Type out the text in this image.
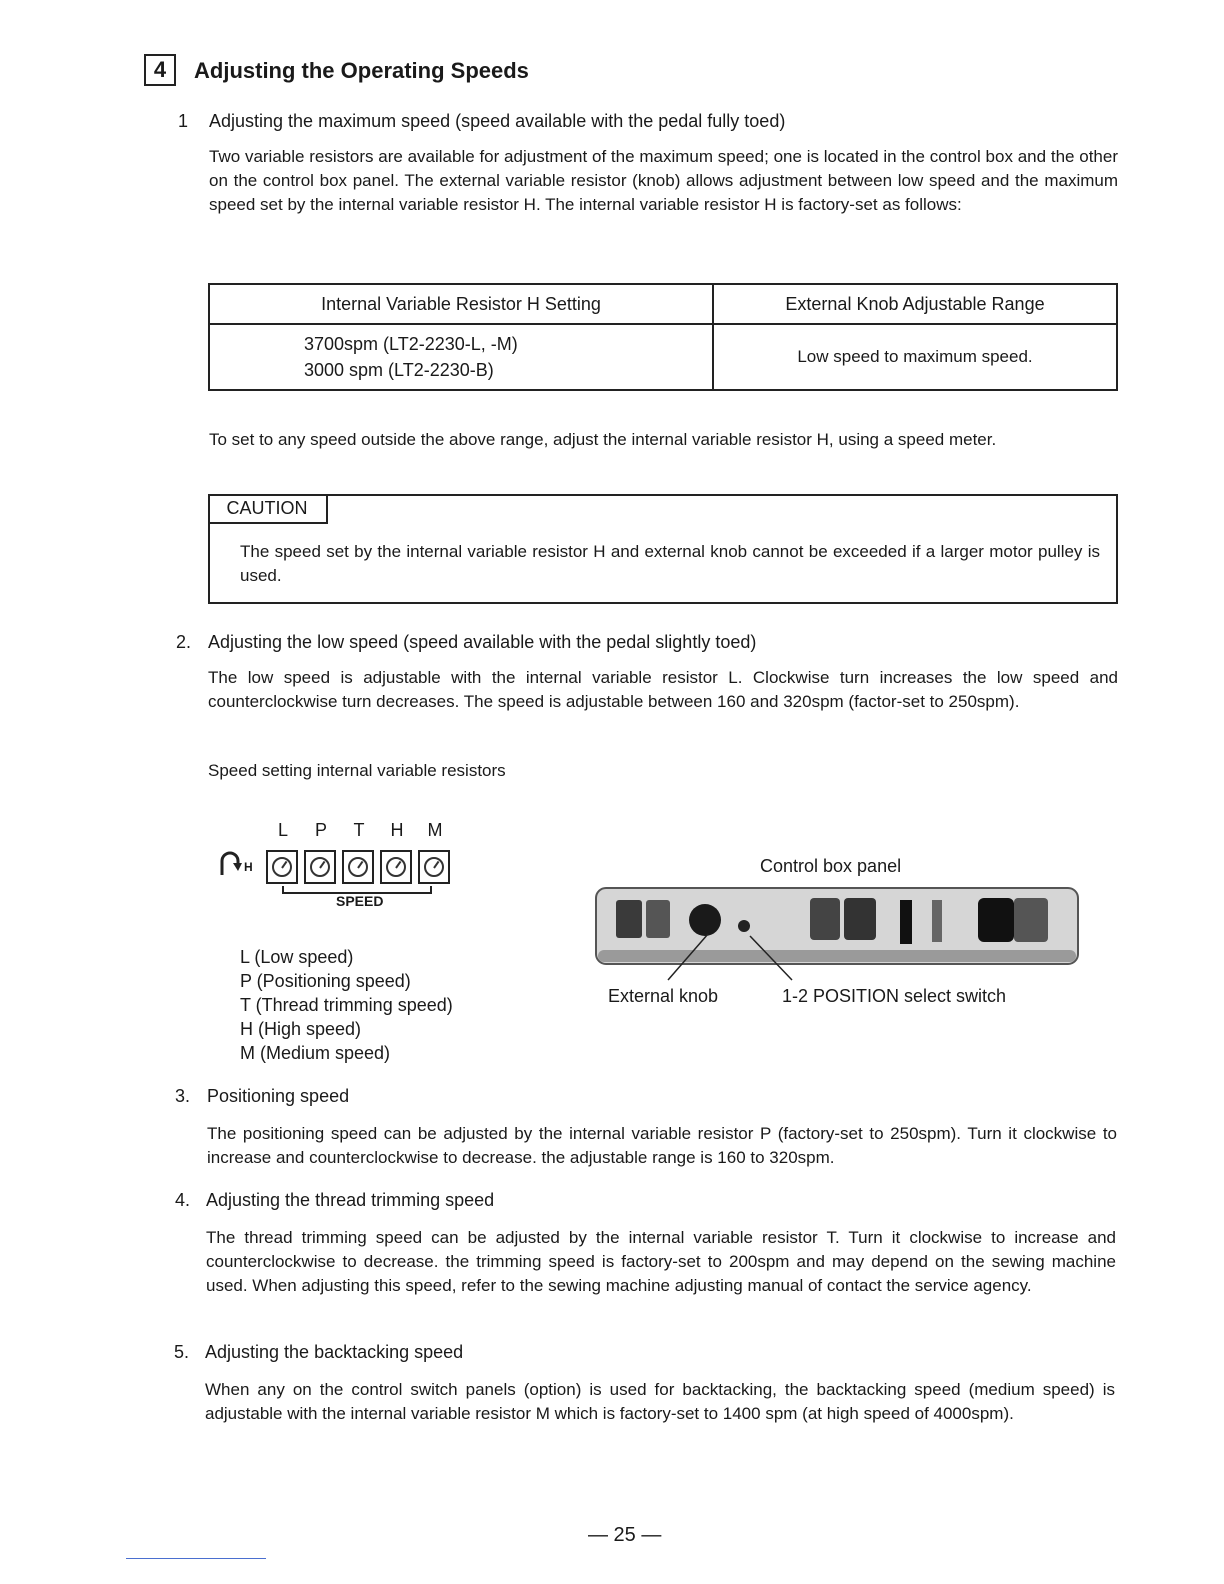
4	Adjusting the Operating Speeds
1 Adjusting the maximum speed (speed available with the pedal fully toed)
Two variable resistors are available for adjustment of the maximum speed; one is located in the control box and the other on the control box panel. The external variable resistor (knob) allows adjustment between low speed and the maximum speed set by the internal variable resistor H. The internal variable resistor H is factory-set as follows:
Internal Variable Resistor H Setting	External Knob Adjustable Range

3700spm (LT2-2230-L, -M)
3000 spm (LT2-2230-B)	Low speed to maximum speed.
To set to any speed outside the above range, adjust the internal variable resistor H, using a speed meter.
CAUTION
The speed set by the internal variable resistor H and external knob cannot be exceeded if a larger motor pulley is used.
2. Adjusting the low speed (speed available with the pedal slightly toed)
The low speed is adjustable with the internal variable resistor L. Clockwise turn increases the low speed and counterclockwise turn decreases. The speed is adjustable between 160 and 320spm (factor-set to 250spm).
Speed setting internal variable resistors
L	P	T	H	M
H
SPEED
L (Low speed)
P (Positioning speed)
T (Thread trimming speed)
H (High speed)
M (Medium speed)
Control box panel
External knob	1-2 POSITION select switch
3. Positioning speed
The positioning speed can be adjusted by the internal variable resistor P (factory-set to 250spm). Turn it clockwise to increase and counterclockwise to decrease. the adjustable range is 160 to 320spm.
4. Adjusting the thread trimming speed
The thread trimming speed can be adjusted by the internal variable resistor T. Turn it clockwise to increase and counterclockwise to decrease. the trimming speed is factory-set to 200spm and may depend on the sewing machine used. When adjusting this speed, refer to the sewing machine adjusting manual of contact the service agency.
5. Adjusting the backtacking speed
When any on the control switch panels (option) is used for backtacking, the backtacking speed (medium speed) is adjustable with the internal variable resistor M which is factory-set to 1400 spm (at high speed of 4000spm).
— 25 —
